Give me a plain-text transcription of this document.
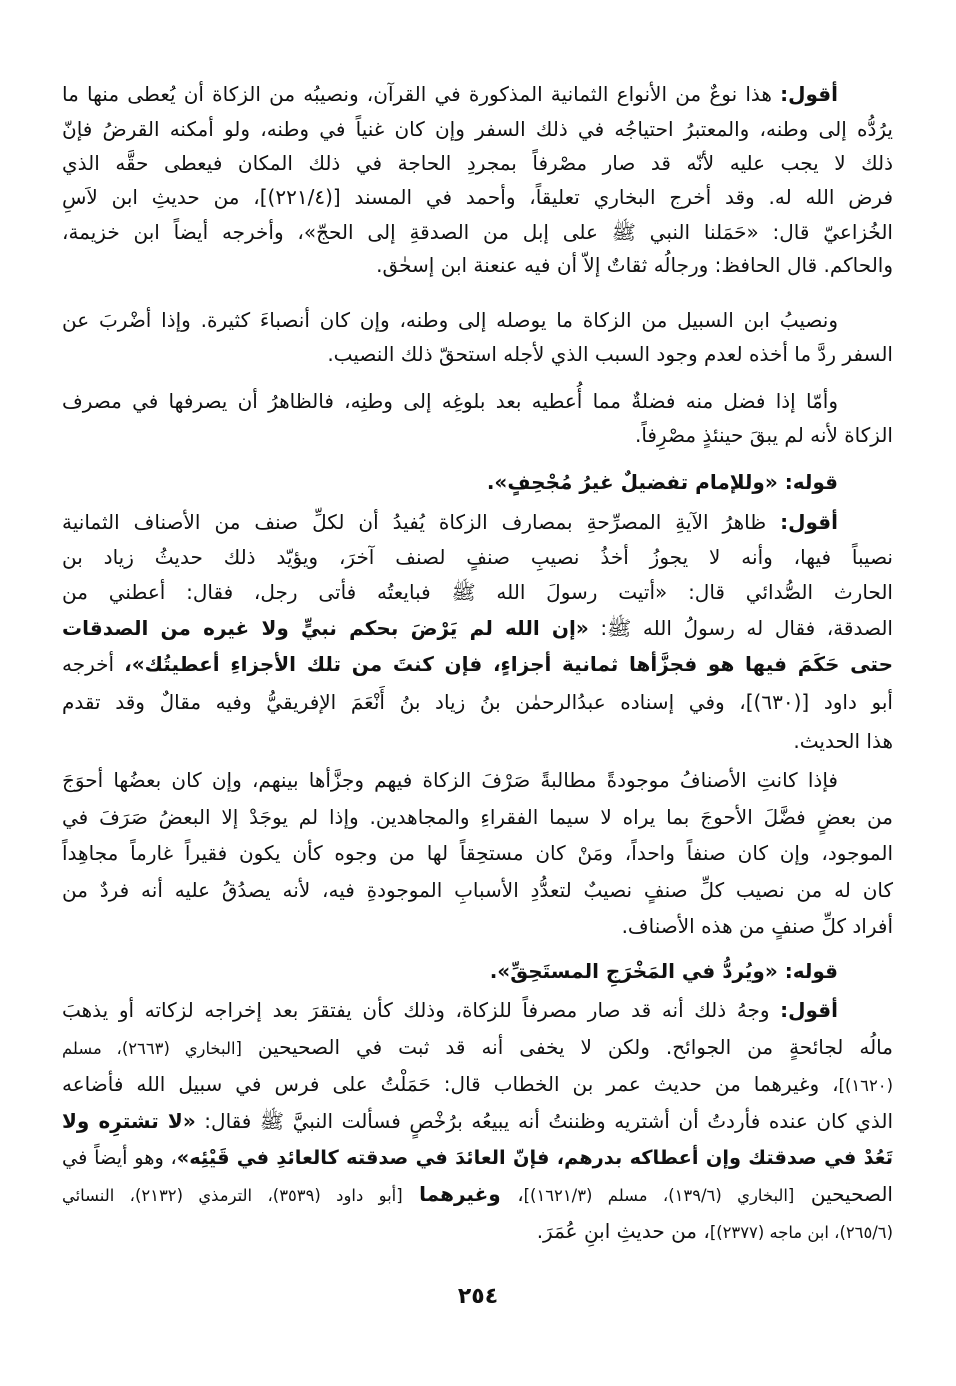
أقول: هذا نوعٌ من الأنواع الثمانية المذكورة في القرآن، ونصيبُه من الزكاة أن يُعطى منها ما
يرُدُّه إلى وطنه، والمعتبرُ احتياجُه في ذلك السفر وإن كان غنياً في وطنه، ولو أمكنه القرضُ فإنّ
ذلك لا يجب عليه لأنّه قد صار مصْرفاً بمجردِ الحاجة في ذلك المكان فيعطى حقَّه الذي
فرض الله له. وقد أخرج البخاري تعليقاً، وأحمد في المسند [(٢٢١/٤)]، من حديثِ ابن لاَسِ
الخُزاعيّ قال: «حَمَلنا النبي ﷺ على إبل من الصدقةِ إلى الحجّ»، وأخرجه أيضاً ابن خزيمة،
والحاكم. قال الحافظ: ورجالُه ثقاتٌ إلاّ أن فيه عنعنة ابن إسحٰق.
ونصيبُ ابن السبيل من الزكاة ما يوصله إلى وطنه، وإن كان أنصباءَ كثيرة. وإذا أضْربَ عن
السفر ردَّ ما أخذه لعدم وجود السبب الذي لأجله استحقّ ذلك النصيب.
وأمّا إذا فضل منه فضلةٌ مما أُعطيه بعد بلوغِه إلى وطنِه، فالظاهرُ أن يصرفها في مصرف
الزكاة لأنه لم يبقَ حينئذٍ مصْرِفاً.
قوله: «وللإمام تفضيلٌ غيرُ مُجْحِفٍ».
أقول: ظاهرُ الآيةِ المصرِّحةِ بمصارف الزكاة يُفيدُ أن لكلِّ صنف من الأصناف الثمانية
نصيباً فيها، وأنه لا يجوزُ أخذُ نصيبِ صنفٍ لصنف آخرَ، ويؤيّد ذلك حديثُ زياد بن
الحارث الصُّدائي قال: «أتيت رسولَ الله ﷺ فبايعتُه فأتى رجل، فقال: أعطني من
الصدقة، فقال له رسولُ الله ﷺ: «إن الله لم يَرْضَ بحكم نبيٍّ ولا غيره من الصدقات
حتى حَكَمَ فيها هو فجزَّأها ثمانية أجزاءٍ، فإن كنتَ من تلك الأجزاءِ أعطيتُك»، أخرجه
أبو داود [(٦٣٠)]، وفي إسناده عبدُالرحمٰن بنُ زياد بنُ أَنْعَمَ الإفريقيُّ وفيه مقالٌ وقد تقدم
هذا الحديث.
فإذا كانتِ الأصنافُ موجودةً مطالبةً صَرْفَ الزكاة فيهم وجزَّأها بينهم، وإن كان بعضُها أحوَجَ
من بعضٍ فضَّلَ الأحوجَ بما يراه لا سيما الفقراءِ والمجاهدين. وإذا لم يوجَدْ إلا البعضُ صَرَفَ في
الموجود، وإن كان صنفاً واحداً، ومَنْ كان مستحِقاً لها من وجوه كأن يكون فقيراً غارماً مجاهِداً
كان له من نصيب كلِّ صنفٍ نصيبٌ لتعدُّدِ الأسبابِ الموجودةِ فيه، لأنه يصدُقُ عليه أنه فردٌ من
أفراد كلِّ صنفٍ من هذه الأصناف.
قوله: «ويُردُّ في المَخْرَجِ المستَحِقِّ».
أقول: وجهُ ذلك أنه قد صار مصرفاً للزكاة، وذلك كأن يفتقرَ بعد إخراجه لزكاته أو يذهبَ
مالُه لجائحةٍ من الجوائح. ولكن لا يخفى أنه قد ثبت في الصحيحين [البخاري (٢٦٦٣)، مسلم
(١٦٢٠)]، وغيرهما من حديث عمر بن الخطاب قال: حَمَلْتُ على فرس في سبيل الله فأضاعه
الذي كان عنده فأردتُ أن أشتريه وظننتُ أنه يبيعُه برُخْصٍ فسألت النبيَّ ﷺ فقال: «لا تشترِه ولا
تَعُدْ في صدقتك وإن أعطاكه بدرهم، فإنّ العائدَ في صدقته كالعائدِ في قَيْئِه»، وهو أيضاً في
الصحيحين [البخاري (١٣٩/٦)، مسلم (١٦٢١/٣)]، وغيرهما [أبو داود (٣٥٣٩)، الترمذي (٢١٣٢)، النسائي
(٢٦٥/٦)، ابن ماجه (٢٣٧٧)]، من حديثِ ابنِ عُمَرَ.
٢٥٤
